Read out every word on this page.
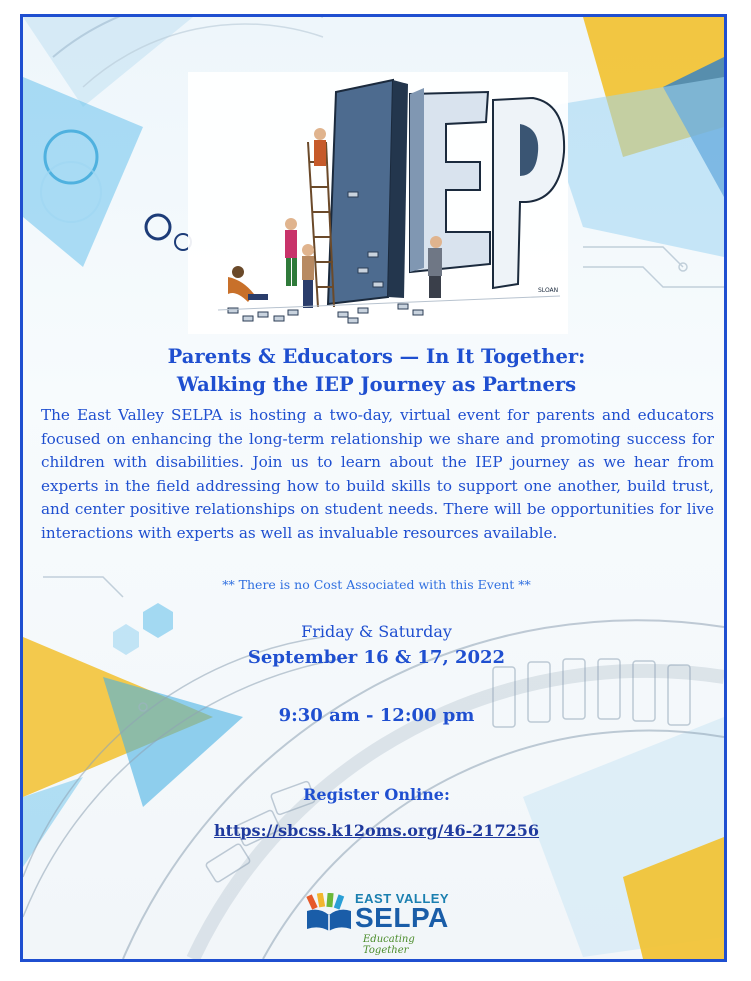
SLOAN
Parents & Educators — In It Together:
Walking the IEP Journey as Partners
The East Valley SELPA is hosting a two-day, virtual event for parents and educators focused on enhancing the long-term relationship we share and promoting success for children with disabilities. Join us to learn about the IEP journey as we hear from experts in the field addressing how to build skills to support one another, build trust, and center positive relationships on student needs. There will be opportunities for live interactions with experts as well as invaluable resources available.
** There is no Cost Associated with this Event **
Friday & Saturday
September 16 & 17, 2022
9:30 am - 12:00 pm
Register Online:
https://sbcss.k12oms.org/46-217256
EAST VALLEY
SELPA
Educating Together
